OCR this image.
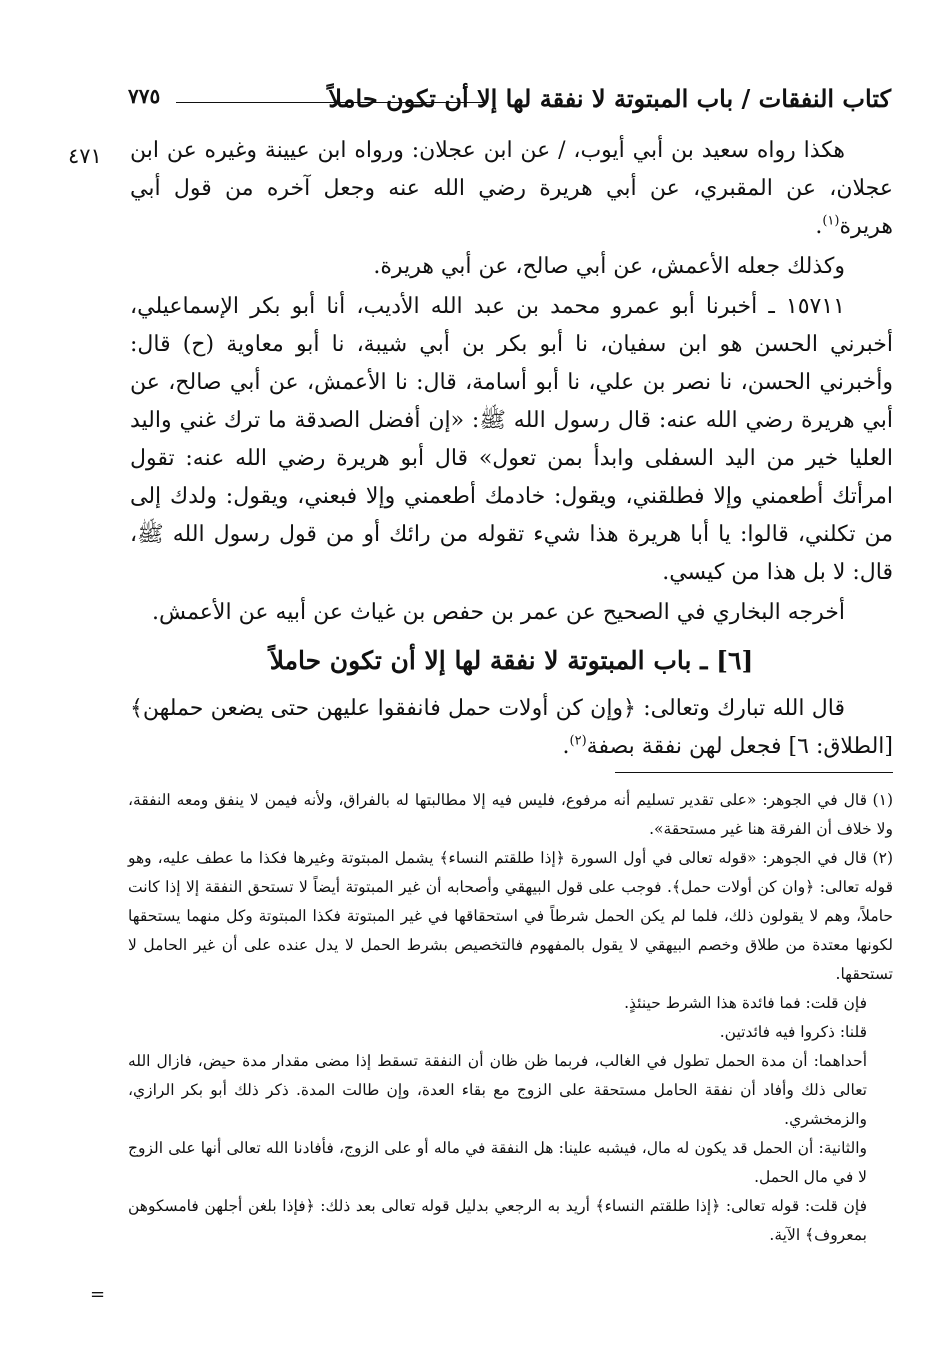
كتاب النفقات / باب المبتوتة لا نفقة لها إلا أن تكون حاملاً
٧٧٥
٤٧١ هكذا رواه سعيد بن أبي أيوب، / عن ابن عجلان: ورواه ابن عيينة وغيره عن ابن عجلان، عن المقبري، عن أبي هريرة رضي الله عنه وجعل آخره من قول أبي هريرة$^{(١)}$.

وكذلك جعله الأعمش، عن أبي صالح، عن أبي هريرة.

١٥٧١١ ـ أخبرنا أبو عمرو محمد بن عبد الله الأديب، أنا أبو بكر الإسماعيلي، أخبرني الحسن هو ابن سفيان، نا أبو بكر بن أبي شيبة، نا أبو معاوية (ح) قال: وأخبرني الحسن، نا نصر بن علي، نا أبو أسامة، قال: نا الأعمش، عن أبي صالح، عن أبي هريرة رضي الله عنه: قال رسول الله ﷺ: «إن أفضل الصدقة ما ترك غني واليد العليا خير من اليد السفلى وابدأ بمن تعول» قال أبو هريرة رضي الله عنه: تقول امرأتك أطعمني وإلا فطلقني، ويقول: خادمك أطعمني وإلا فبعني، ويقول: ولدك إلى من تكلني، قالوا: يا أبا هريرة هذا شيء تقوله من رائك أو من قول رسول الله ﷺ، قال: لا بل هذا من كيسي.

أخرجه البخاري في الصحيح عن عمر بن حفص بن غياث عن أبيه عن الأعمش.

[٦] ـ باب المبتوتة لا نفقة لها إلا أن تكون حاملاً

قال الله تبارك وتعالى: ﴿وإن كن أولات حمل فانفقوا عليهن حتى يضعن حملهن﴾ [الطلاق: ٦] فجعل لهن نفقة بصفة$^{(٢)}$.

(١)قال في الجوهر: «على تقدير تسليم أنه مرفوع، فليس فيه إلا مطالبتها له بالفراق، ولأنه فيمن لا ينفق ومعه النفقة، ولا خلاف أن الفرقة هنا غير مستحقة».

(٢)قال في الجوهر: «قوله تعالى في أول السورة ﴿إذا طلقتم النساء﴾ يشمل المبتوتة وغيرها فكذا ما عطف عليه، وهو قوله تعالى: ﴿وان كن أولات حمل﴾. فوجب على قول البيهقي وأصحابه أن غير المبتوتة أيضاً لا تستحق النفقة إلا إذا كانت حاملاً، وهم لا يقولون ذلك، فلما لم يكن الحمل شرطاً في استحقاقها في غير المبتوتة فكذا المبتوتة وكل منهما يستحقها لكونها معتدة من طلاق وخصم البيهقي لا يقول بالمفهوم فالتخصيص بشرط الحمل لا يدل عنده على أن غير الحامل لا تستحقها.

فإن قلت: فما فائدة هذا الشرط حينئذٍ.

قلنا: ذكروا فيه فائدتين.

أحداهما: أن مدة الحمل تطول في الغالب، فربما ظن ظان أن النفقة تسقط إذا مضى مقدار مدة حيض، فازال الله تعالى ذلك وأفاد أن نفقة الحامل مستحقة على الزوج مع بقاء العدة، وإن طالت المدة. ذكر ذلك أبو بكر الرازي، والزمخشري.

والثانية: أن الحمل قد يكون له مال، فيشبه علينا: هل النفقة في ماله أو على الزوج، فأفادنا الله تعالى أنها على الزوج لا في مال الحمل.

فإن قلت: قوله تعالى: ﴿إذا طلقتم النساء﴾ أريد به الرجعي بدليل قوله تعالى بعد ذلك: ﴿فإذا بلغن أجلهن فامسكوهن بمعروف﴾ الآية.

=
